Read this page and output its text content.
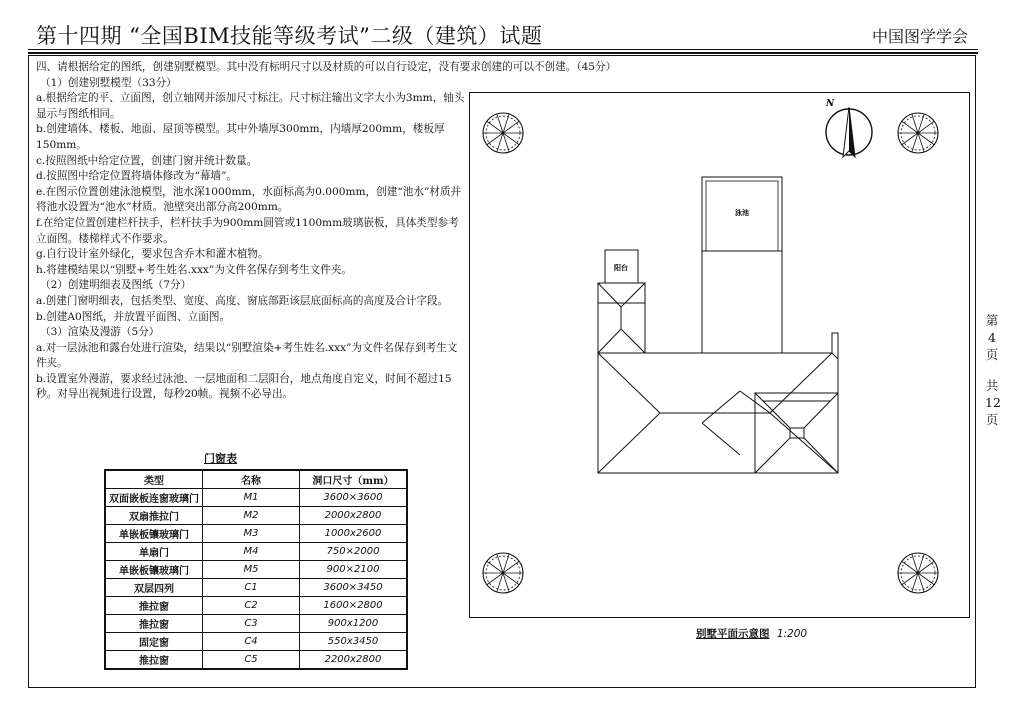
第十四期 “全国BIM技能等级考试”二级（建筑）试题	中国图学学会
第
4
页
共
12
页

四、请根据给定的图纸，创建别墅模型。其中没有标明尺寸以及材质的可以自行设定，没有要求创建的可以不创建。（45分）

（1）创建别墅模型（33分）

a.根据给定的平、立面图，创立轴网并添加尺寸标注。尺寸标注输出文字大小为3mm，轴头显示与图纸相同。

b.创建墙体、楼板、地面、屋顶等模型。其中外墙厚300mm，内墙厚200mm，楼板厚150mm。

c.按照图纸中给定位置，创建门窗并统计数量。

d.按照图中给定位置将墙体修改为“幕墙”。

e.在图示位置创建泳池模型，池水深1000mm，水面标高为0.000mm，创建“池水”材质并将池水设置为“池水”材质。池壁突出部分高200mm。

f.在给定位置创建栏杆扶手，栏杆扶手为900mm圆管或1100mm玻璃嵌板，具体类型参考立面图。楼梯样式不作要求。

g.自行设计室外绿化，要求包含乔木和灌木植物。

h.将建模结果以“别墅+考生姓名.xxx”为文件名保存到考生文件夹。

（2）创建明细表及图纸（7分）

a.创建门窗明细表，包括类型、宽度、高度、窗底部距该层底面标高的高度及合计字段。

b.创建A0图纸，并放置平面图、立面图。

（3）渲染及漫游（5分）

a.对一层泳池和露台处进行渲染，结果以“别墅渲染+考生姓名.xxx”为文件名保存到考生文件夹。

b.设置室外漫游，要求经过泳池、一层地面和二层阳台，地点角度自定义，时间不超过15秒。对导出视频进行设置，每秒20帧。视频不必导出。

门窗表
类型	名称	洞口尺寸（mm）
双面嵌板连窗玻璃门	M1	3600×3600
双扇推拉门	M2	2000x2800
单嵌板镶玻璃门	M3	1000x2600
单扇门	M4	750×2000
单嵌板镶玻璃门	M5	900×2100
双层四列	C1	3600×3450
推拉窗	C2	1600×2800
推拉窗	C3	900x1200
固定窗	C4	550x3450
推拉窗	C5	2200x2800
N
泳池
阳台
别墅平面示意图 1:200
